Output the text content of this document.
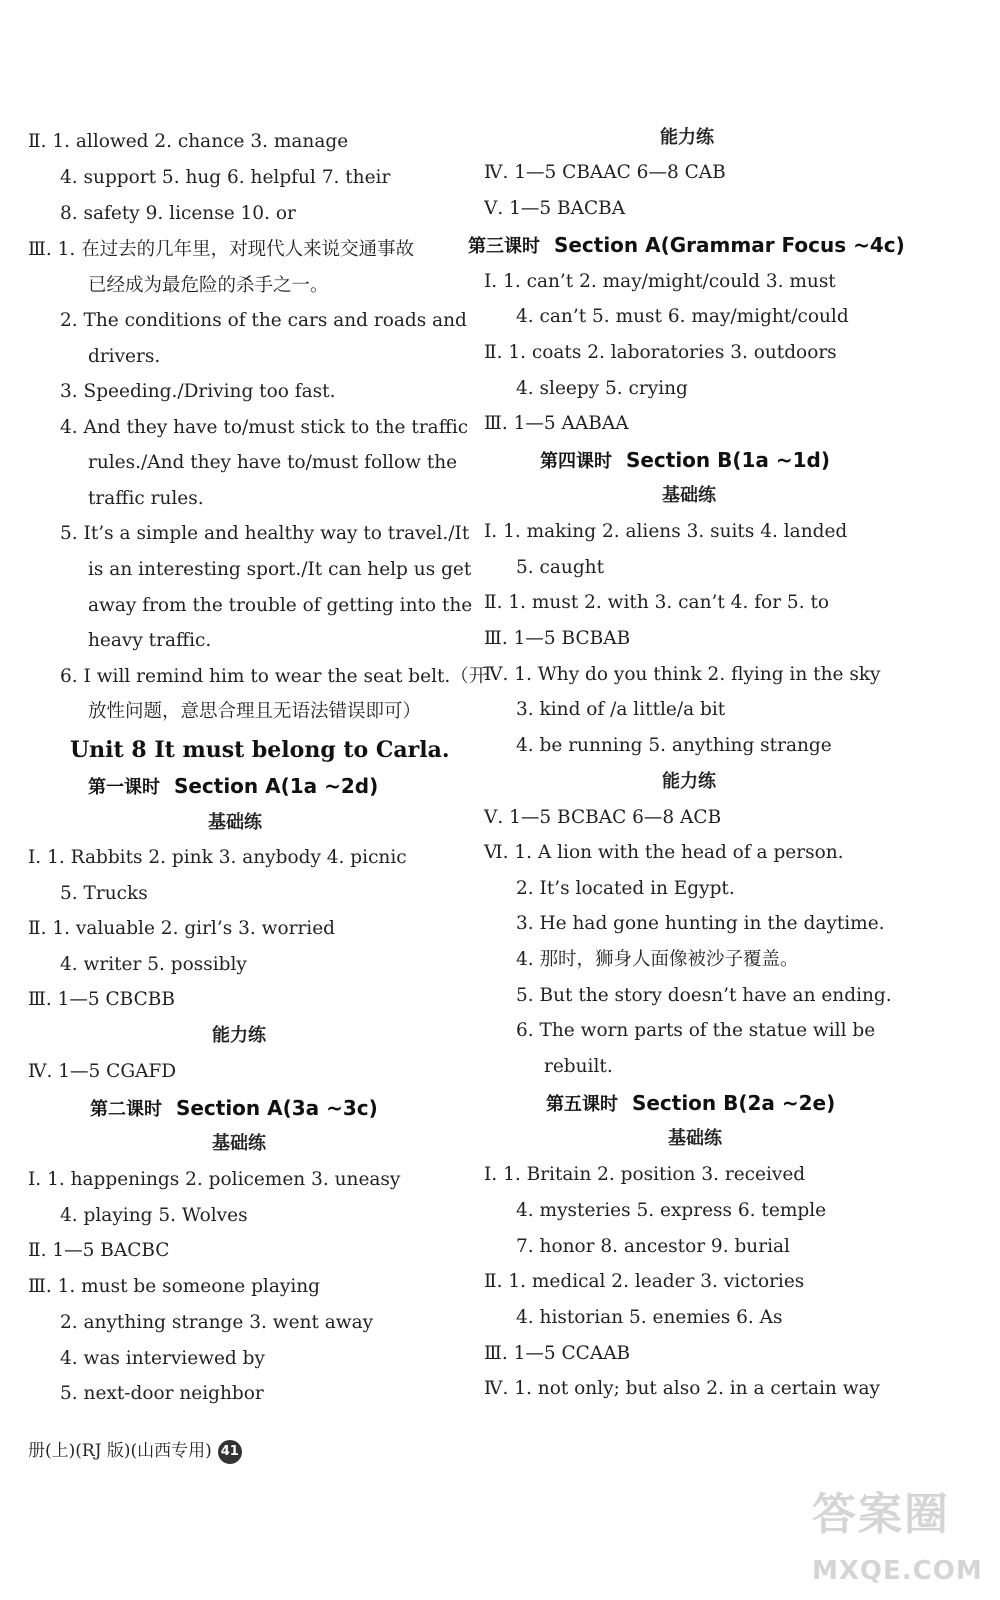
Ⅱ. 1. allowed 2. chance 3. manage
4. support 5. hug 6. helpful 7. their
8. safety 9. license 10. or
Ⅲ. 1. 在过去的几年里，对现代人来说交通事故
已经成为最危险的杀手之一。
2. The conditions of the cars and roads and
drivers.
3. Speeding./Driving too fast.
4. And they have to/must stick to the traffic
rules./And they have to/must follow the
traffic rules.
5. It’s a simple and healthy way to travel./It
is an interesting sport./It can help us get
away from the trouble of getting into the
heavy traffic.
6. I will remind him to wear the seat belt.（开
放性问题，意思合理且无语法错误即可）
Unit 8 It must belong to Carla.
第一课时 Section A(1a ~2d)
基础练
Ⅰ. 1. Rabbits 2. pink 3. anybody 4. picnic
5. Trucks
Ⅱ. 1. valuable 2. girl’s 3. worried
4. writer 5. possibly
Ⅲ. 1—5 CBCBB
能力练
Ⅳ. 1—5 CGAFD
第二课时 Section A(3a ~3c)
基础练
Ⅰ. 1. happenings 2. policemen 3. uneasy
4. playing 5. Wolves
Ⅱ. 1—5 BACBC
Ⅲ. 1. must be someone playing
2. anything strange 3. went away
4. was interviewed by
5. next-door neighbor
册(上)(RJ 版)(山西专用) 41
能力练
Ⅳ. 1—5 CBAAC 6—8 CAB
Ⅴ. 1—5 BACBA
第三课时 Section A(Grammar Focus ~4c)
Ⅰ. 1. can’t 2. may/might/could 3. must
4. can’t 5. must 6. may/might/could
Ⅱ. 1. coats 2. laboratories 3. outdoors
4. sleepy 5. crying
Ⅲ. 1—5 AABAA
第四课时 Section B(1a ~1d)
基础练
Ⅰ. 1. making 2. aliens 3. suits 4. landed
5. caught
Ⅱ. 1. must 2. with 3. can’t 4. for 5. to
Ⅲ. 1—5 BCBAB
Ⅳ. 1. Why do you think 2. flying in the sky
3. kind of /a little/a bit
4. be running 5. anything strange
能力练
Ⅴ. 1—5 BCBAC 6—8 ACB
Ⅵ. 1. A lion with the head of a person.
2. It’s located in Egypt.
3. He had gone hunting in the daytime.
4. 那时，狮身人面像被沙子覆盖。
5. But the story doesn’t have an ending.
6. The worn parts of the statue will be
rebuilt.
第五课时 Section B(2a ~2e)
基础练
Ⅰ. 1. Britain 2. position 3. received
4. mysteries 5. express 6. temple
7. honor 8. ancestor 9. burial
Ⅱ. 1. medical 2. leader 3. victories
4. historian 5. enemies 6. As
Ⅲ. 1—5 CCAAB
Ⅳ. 1. not only; but also 2. in a certain way
答案圈
MXQE.COM
